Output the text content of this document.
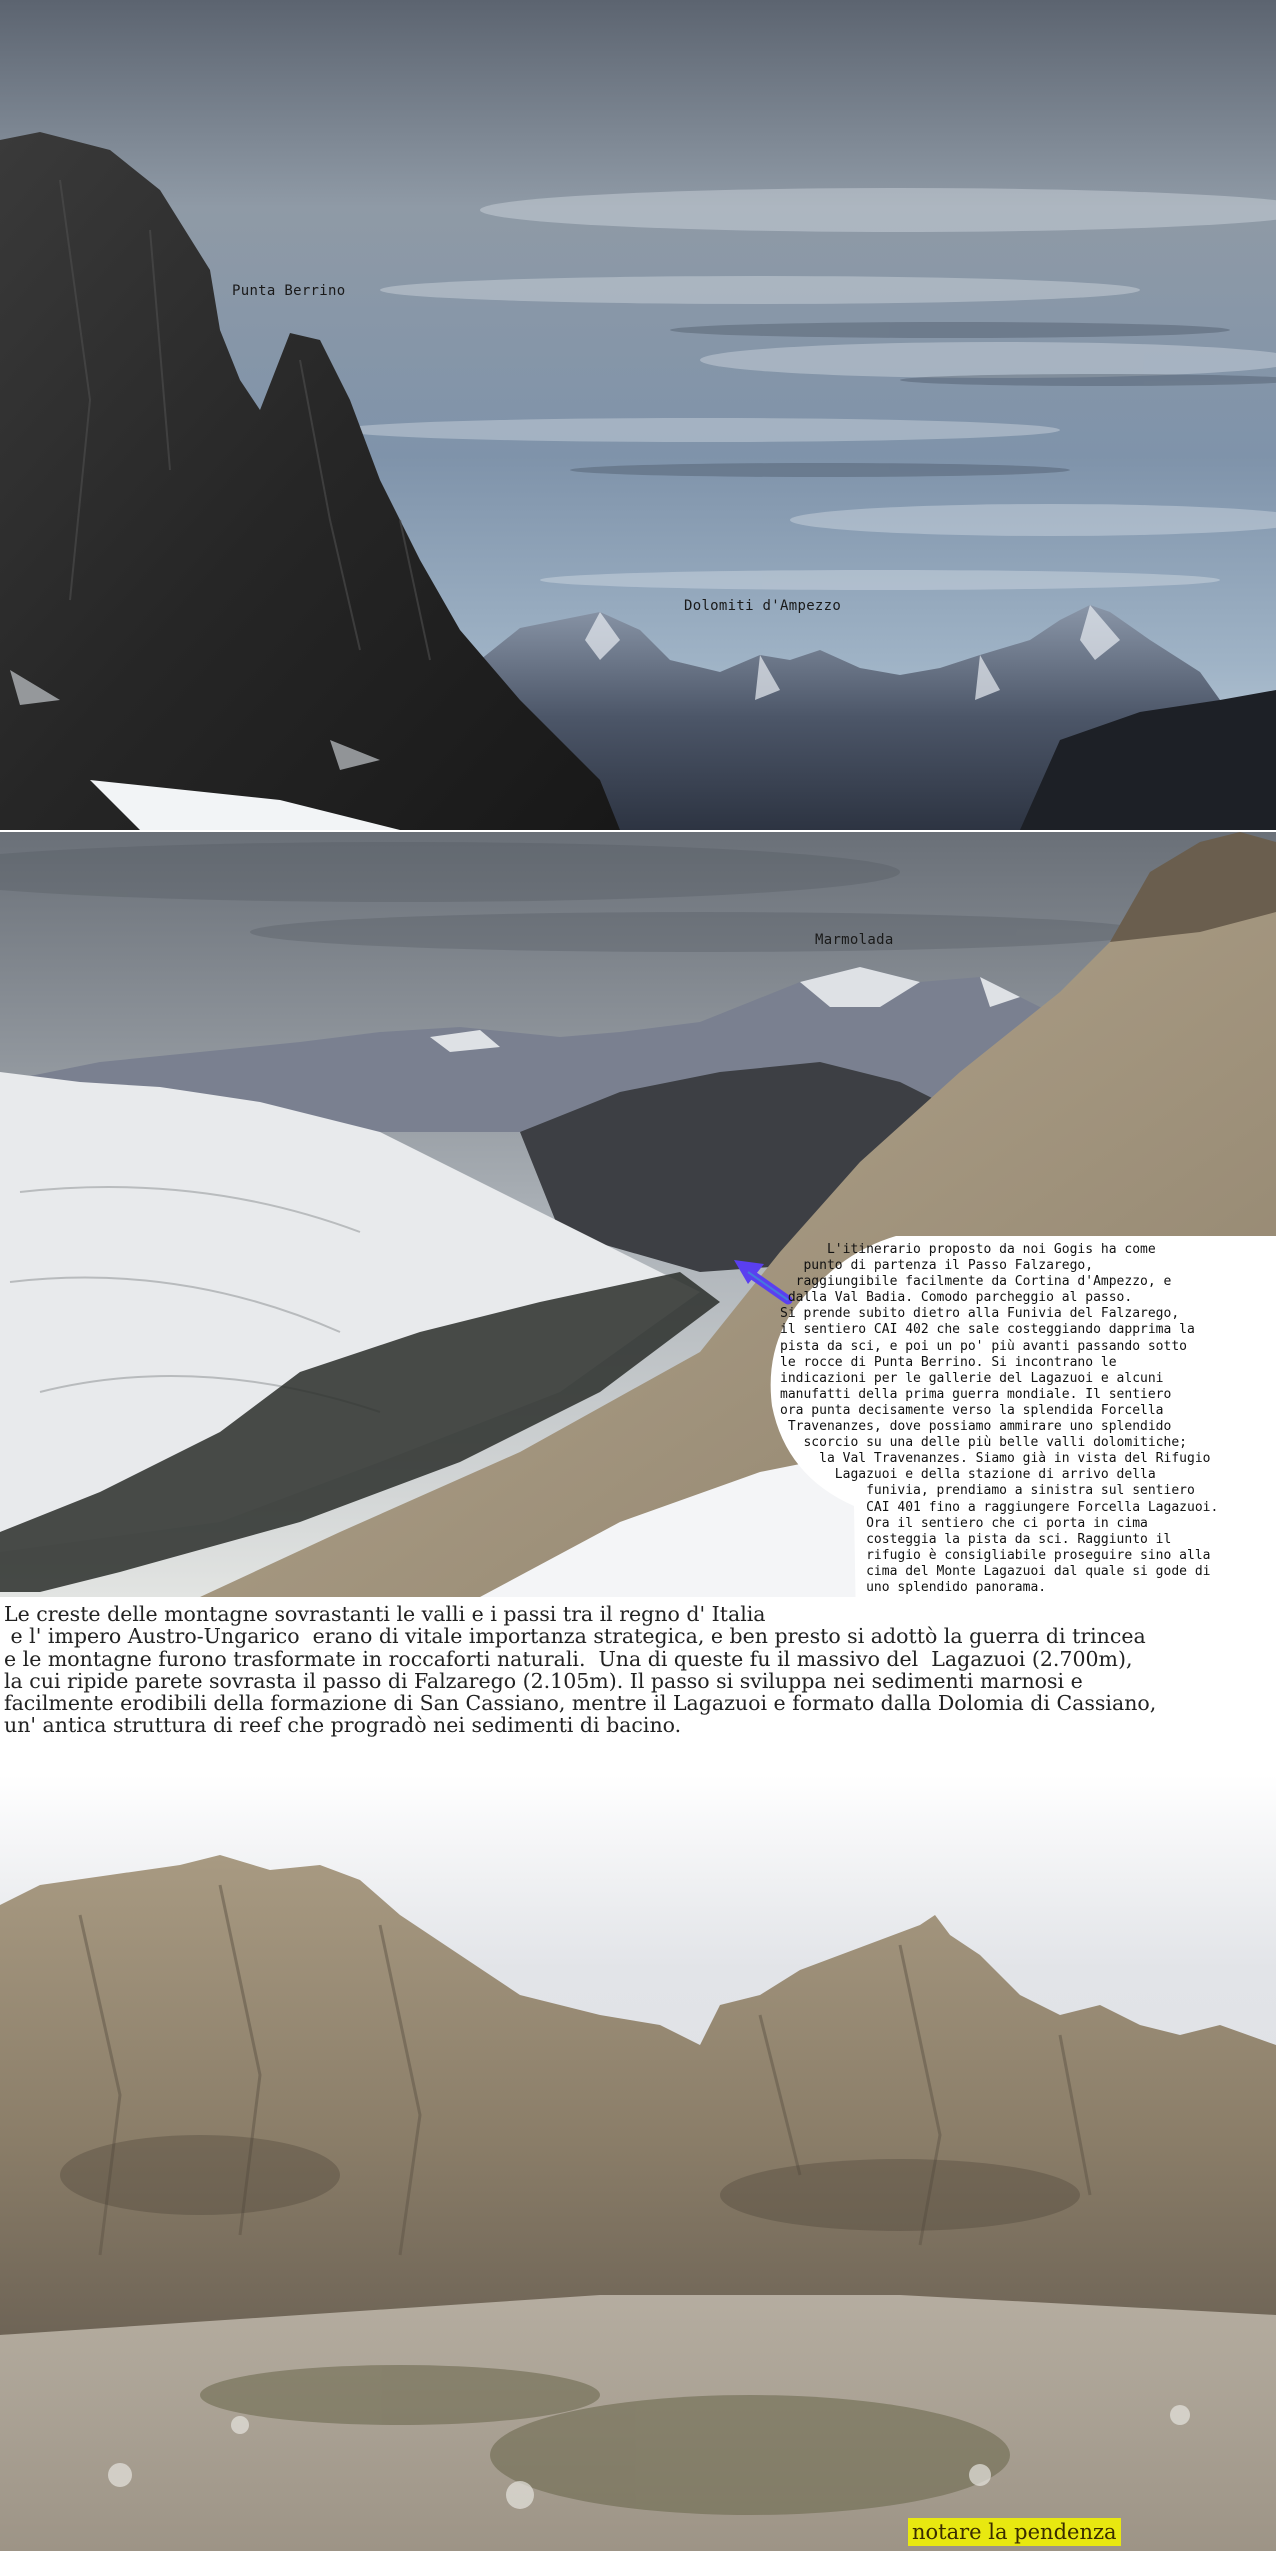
Punta Berrino
Dolomiti d'Ampezzo
Marmolada
L'itinerario proposto da noi Gogis ha come
punto di partenza il Passo Falzarego,
raggiungibile facilmente da Cortina d'Ampezzo, e
dalla Val Badia. Comodo parcheggio al passo.
Si prende subito dietro alla Funivia del Falzarego,
il sentiero CAI 402 che sale costeggiando dapprima la
pista da sci, e poi un po' più avanti passando sotto
le rocce di Punta Berrino. Si incontrano le
indicazioni per le gallerie del Lagazuoi e alcuni
manufatti della prima guerra mondiale. Il sentiero
ora punta decisamente verso la splendida Forcella
Travenanzes, dove possiamo ammirare uno splendido
scorcio su una delle più belle valli dolomitiche;
la Val Travenanzes. Siamo già in vista del Rifugio
Lagazuoi e della stazione di arrivo della
funivia, prendiamo a sinistra sul sentiero
CAI 401 fino a raggiungere Forcella Lagazuoi.
Ora il sentiero che ci porta in cima
costeggia la pista da sci. Raggiunto il
rifugio è consigliabile proseguire sino alla
cima del Monte Lagazuoi dal quale si gode di
uno splendido panorama.
Le creste delle montagne sovrastanti le valli e i passi tra il regno d' Italia
e l' impero Austro-Ungarico  erano di vitale importanza strategica, e ben presto si adottò la guerra di trincea
e le montagne furono trasformate in roccaforti naturali.  Una di queste fu il massivo del  Lagazuoi (2.700m),
la cui ripide parete sovrasta il passo di Falzarego (2.105m). Il passo si sviluppa nei sedimenti marnosi e
facilmente erodibili della formazione di San Cassiano, mentre il Lagazuoi e formato dalla Dolomia di Cassiano,
un' antica struttura di reef che progradò nei sedimenti di bacino.
notare la pendenza
